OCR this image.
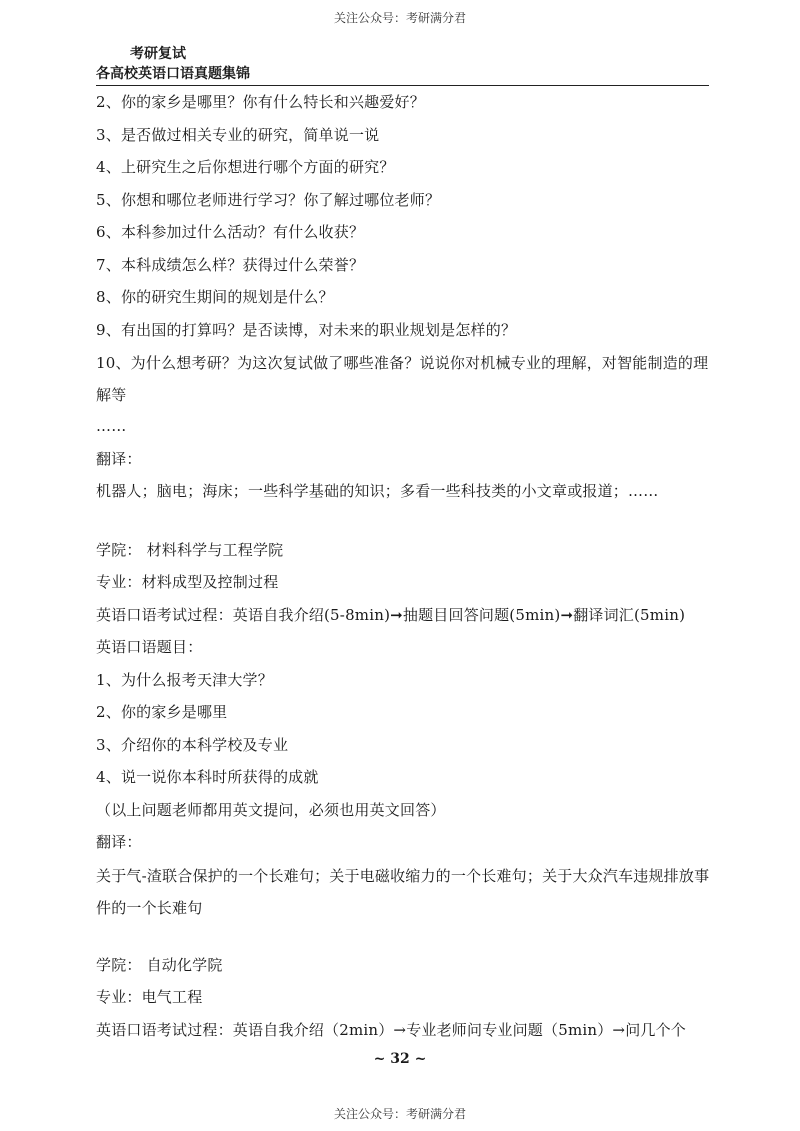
关注公众号：考研满分君
考研复试
各高校英语口语真题集锦
2、你的家乡是哪里？你有什么特长和兴趣爱好？
3、是否做过相关专业的研究，简单说一说
4、上研究生之后你想进行哪个方面的研究？
5、你想和哪位老师进行学习？你了解过哪位老师？
6、本科参加过什么活动？有什么收获？
7、本科成绩怎么样？获得过什么荣誉？
8、你的研究生期间的规划是什么？
9、有出国的打算吗？是否读博，对未来的职业规划是怎样的？
10、为什么想考研？为这次复试做了哪些准备？说说你对机械专业的理解，对智能制造的理解等
……
翻译：
机器人；脑电；海床；一些科学基础的知识；多看一些科技类的小文章或报道；……
学院： 材料科学与工程学院
专业：材料成型及控制过程
英语口语考试过程：英语自我介绍(5-8min)➞抽题目回答问题(5min)➞翻译词汇(5min)
英语口语题目：
1、为什么报考天津大学？
2、你的家乡是哪里
3、介绍你的本科学校及专业
4、说一说你本科时所获得的成就
（以上问题老师都用英文提问，必须也用英文回答）
翻译：
关于气-渣联合保护的一个长难句；关于电磁收缩力的一个长难句；关于大众汽车违规排放事件的一个长难句
学院： 自动化学院
专业：电气工程
英语口语考试过程：英语自我介绍（2min）→专业老师问专业问题（5min）→问几个个
~ 32 ~
关注公众号：考研满分君
